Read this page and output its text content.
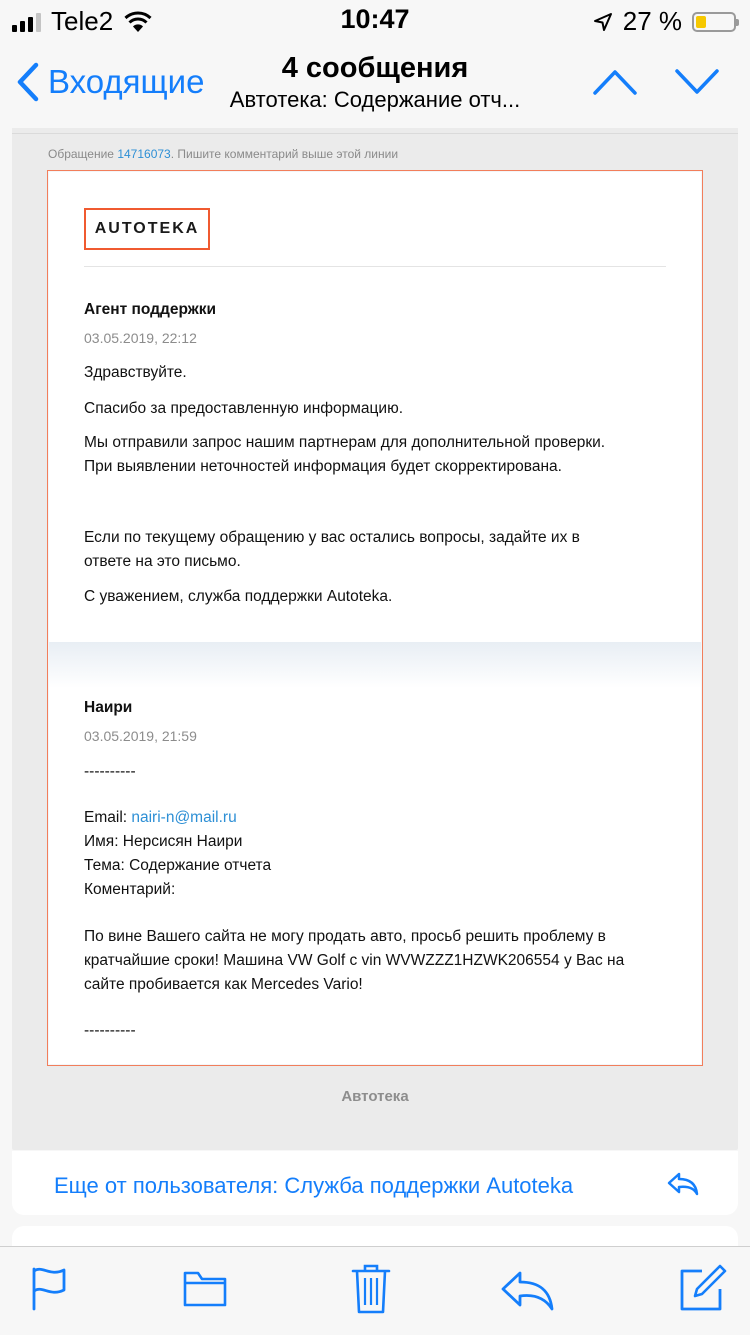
Tele2	10:47	27 %
Входящие	4 сообщения
Автотека: Содержание отч...
Обращение 14716073. Пишите комментарий выше этой линии
AUTOTEKA
Агент поддержки
03.05.2019, 22:12
Здравствуйте.
Спасибо за предоставленную информацию.
Мы отправили запрос нашим партнерам для дополнительной проверки.
При выявлении неточностей информация будет скорректирована.
Если по текущему обращению у вас остались вопросы, задайте их в
ответе на это письмо.
С уважением, служба поддержки Autoteka.
Наири
03.05.2019, 21:59
----------
Email: nairi-n@mail.ru
Имя: Нерсисян Наири
Тема: Содержание отчета
Коментарий:
По вине Вашего сайта не могу продать авто, просьб решить проблему в
кратчайшие сроки! Машина VW Golf c vin WVWZZZ1HZWK206554 у Вас на
сайте пробивается как Mercedes Vario!
----------
Автотека
Еще от пользователя: Служба поддержки Autoteka
